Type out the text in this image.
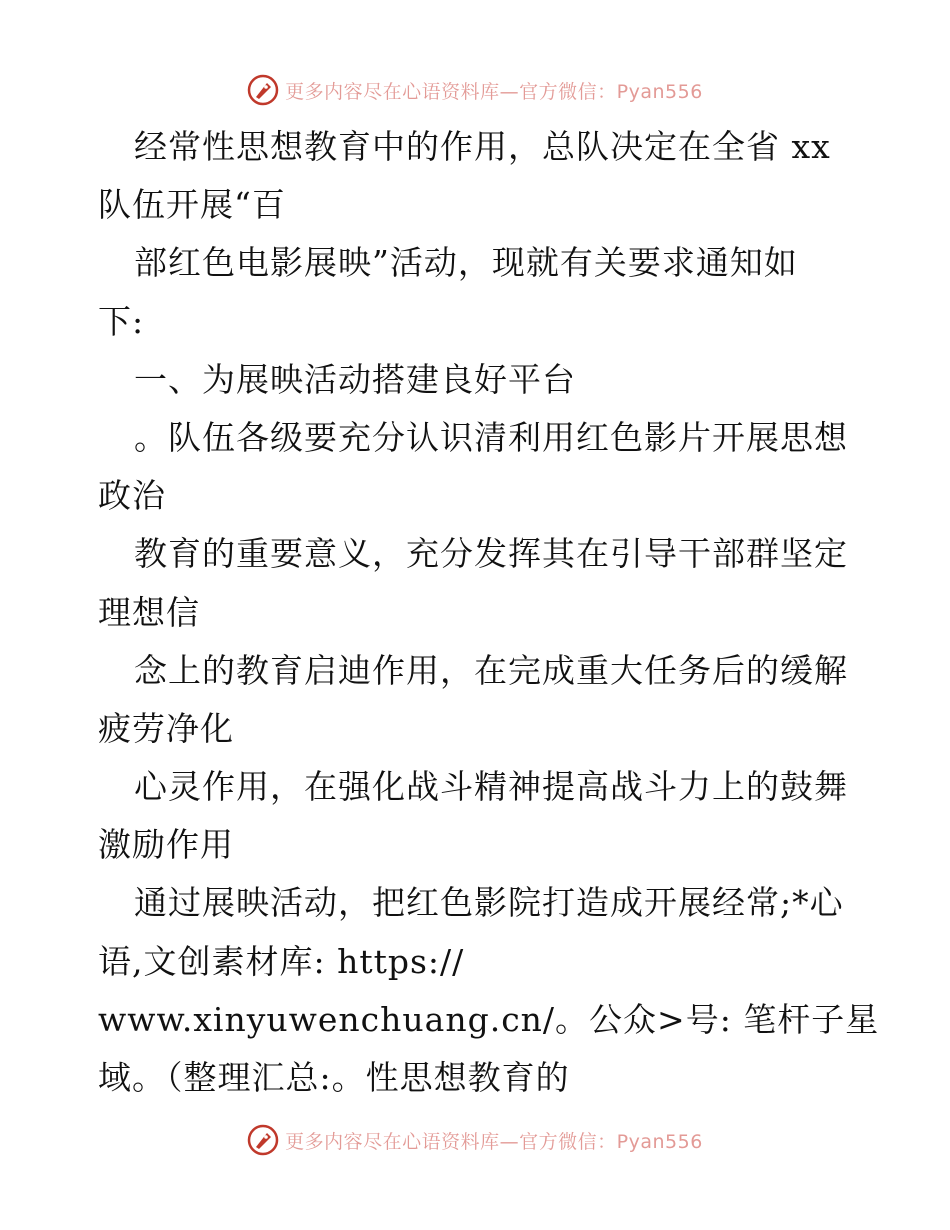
更多内容尽在心语资料库—官方微信：Pyan556
经常性思想教育中的作用，总队决定在全省 xx
队伍开展“百
部红色电影展映”活动，现就有关要求通知如
下:
一、为展映活动搭建良好平台
。队伍各级要充分认识清利用红色影片开展思想
政治
教育的重要意义，充分发挥其在引导干部群坚定
理想信
念上的教育启迪作用，在完成重大任务后的缓解
疲劳净化
心灵作用，在强化战斗精神提高战斗力上的鼓舞
激励作用
通过展映活动，把红色影院打造成开展经常;*心
语,文创素材库: https://
www.xinyuwenchuang.cn/。公众>号: 笔杆子星
域。（整理汇总:。性思想教育的
更多内容尽在心语资料库—官方微信：Pyan556
